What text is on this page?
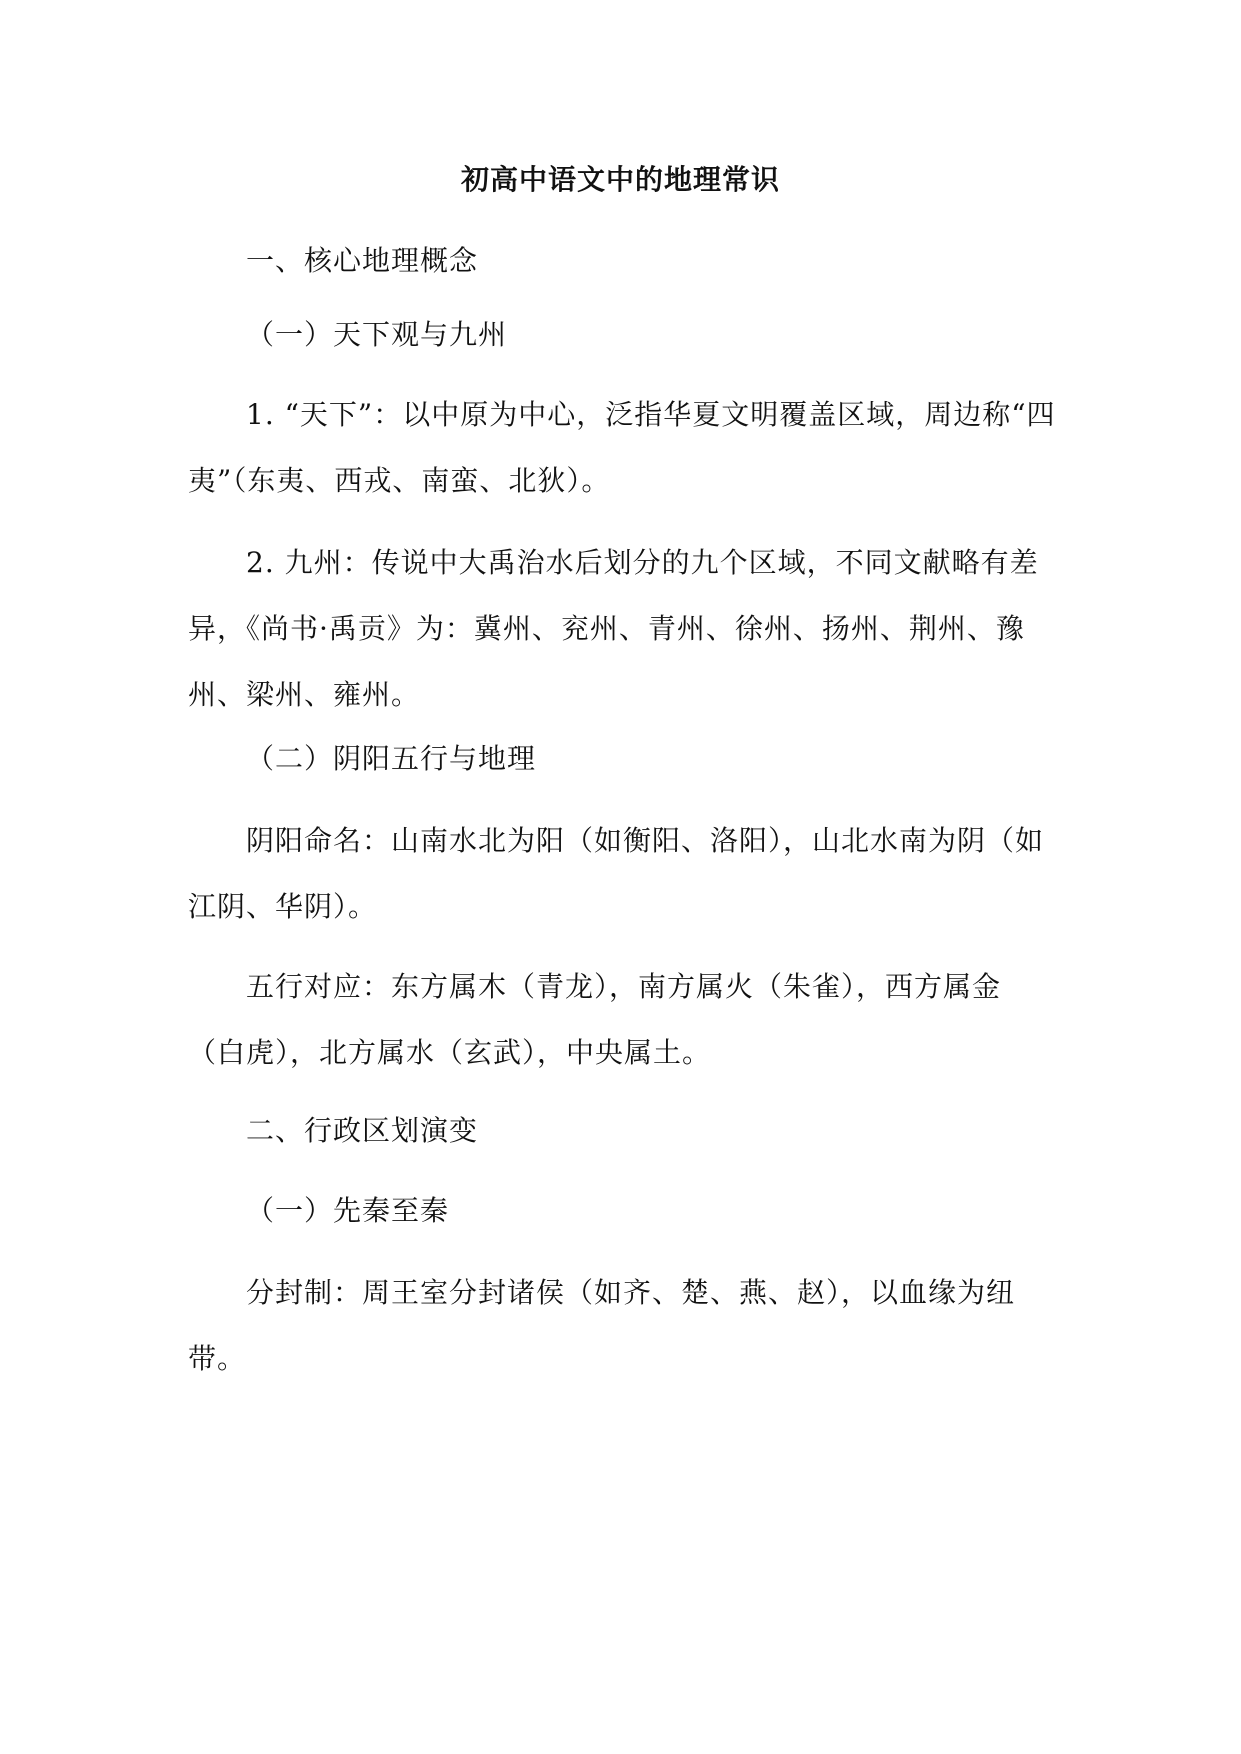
初高中语文中的地理常识

一、核心地理概念

（一）天下观与九州

1. “天下”：以中原为中心，泛指华夏文明覆盖区域，周边称“四夷”（东夷、西戎、南蛮、北狄）。

2. 九州：传说中大禹治水后划分的九个区域，不同文献略有差异，《尚书·禹贡》为：冀州、兖州、青州、徐州、扬州、荆州、豫州、梁州、雍州。

（二）阴阳五行与地理

阴阳命名：山南水北为阳（如衡阳、洛阳），山北水南为阴（如江阴、华阴）。

五行对应：东方属木（青龙），南方属火（朱雀），西方属金（白虎），北方属水（玄武），中央属土。

二、行政区划演变

（一）先秦至秦

分封制：周王室分封诸侯（如齐、楚、燕、赵），以血缘为纽带。
